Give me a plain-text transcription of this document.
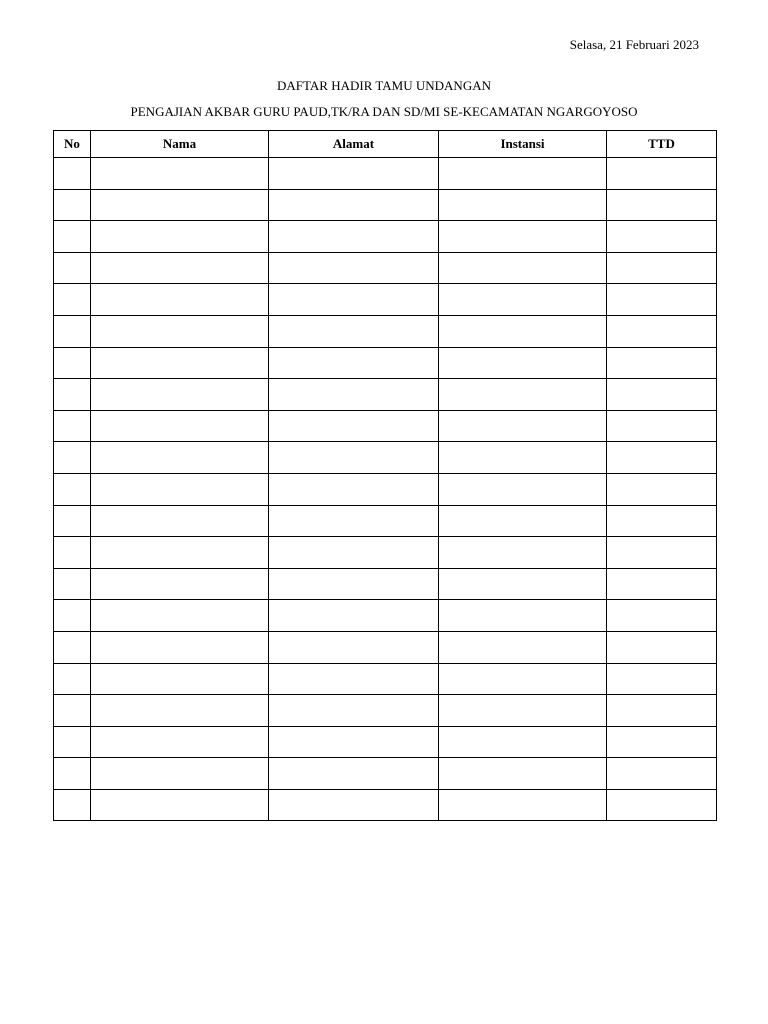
Selasa, 21 Februari 2023
DAFTAR HADIR TAMU UNDANGAN
PENGAJIAN AKBAR GURU PAUD,TK/RA DAN SD/MI SE-KECAMATAN NGARGOYOSO
No	Nama	Alamat	Instansi	TTD
